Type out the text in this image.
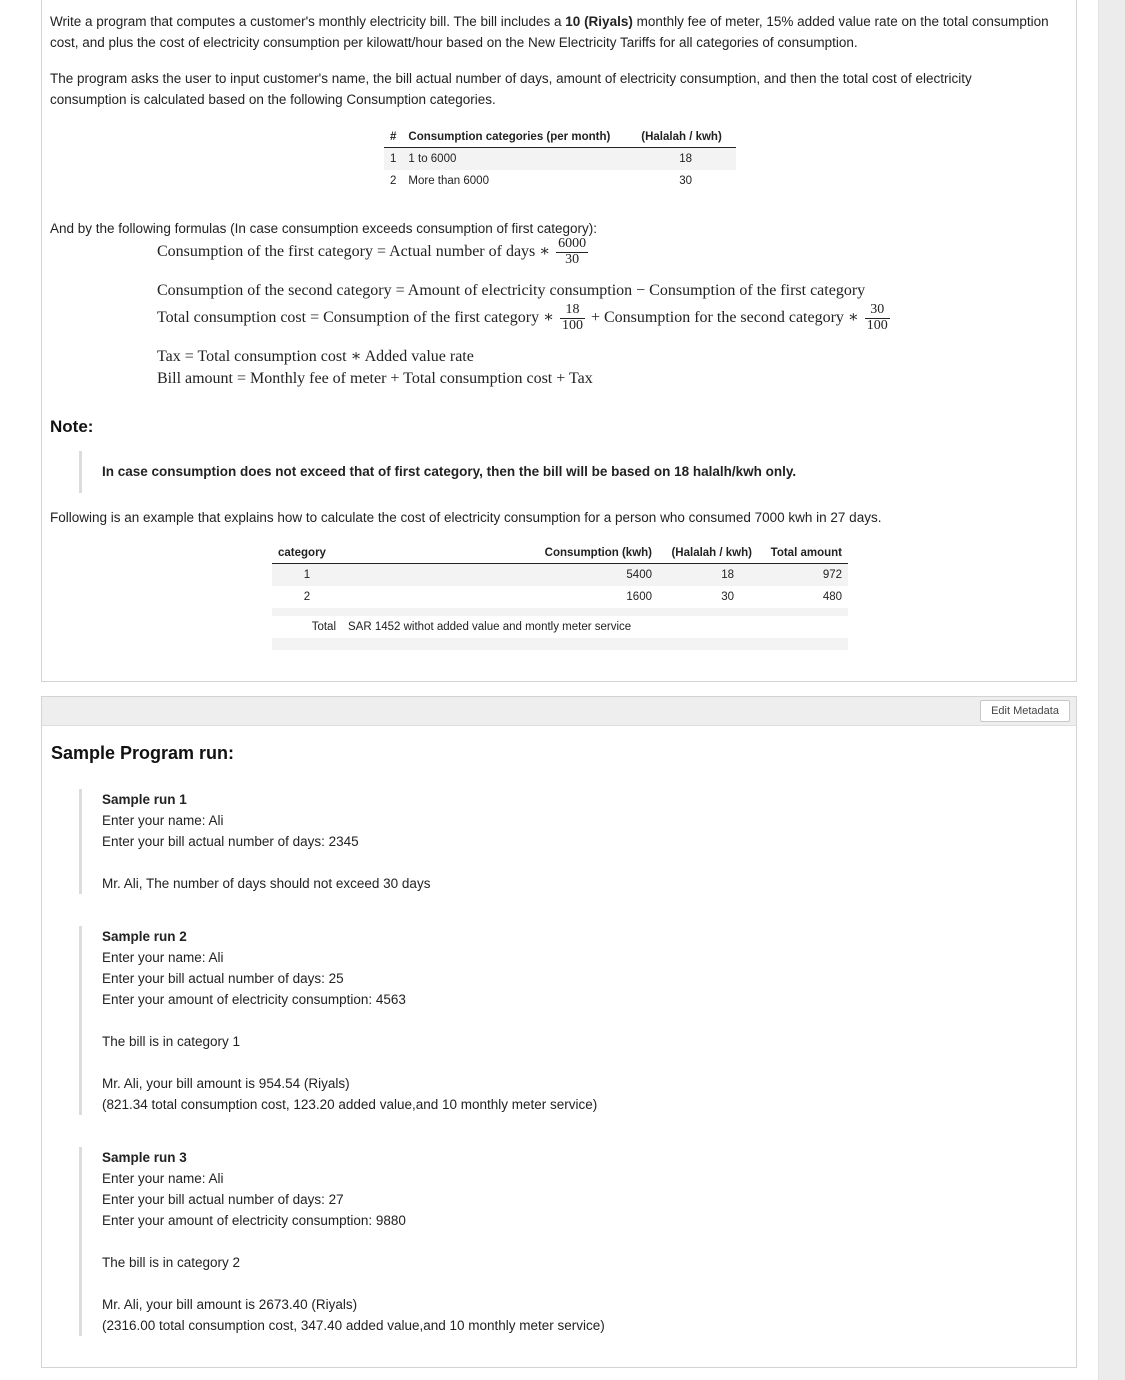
Write a program that computes a customer's monthly electricity bill. The bill includes a 10 (Riyals) monthly fee of meter, 15% added value rate on the total consumption cost, and plus the cost of electricity consumption per kilowatt/hour based on the New Electricity Tariffs for all categories of consumption.

The program asks the user to input customer's name, the bill actual number of days, amount of electricity consumption, and then the total cost of electricity consumption is calculated based on the following Consumption categories.

#	Consumption categories (per month)	(Halalah / kwh)
1	1 to 6000	18
2	More than 6000	30

And by the following formulas (In case consumption exceeds consumption of first category):

Consumption of the first category = Actual number of days ∗ $\frac{6000}{30}$
Consumption of the second category = Amount of electricity consumption − Consumption of the first category
Total consumption cost = Consumption of the first category ∗ $\frac{18}{100}$ + Consumption for the second category ∗ $\frac{30}{100}$
Tax = Total consumption cost ∗ Added value rate
Bill amount = Monthly fee of meter + Total consumption cost + Tax
Note:

In case consumption does not exceed that of first category, then the bill will be based on 18 halalh/kwh only.

Following is an example that explains how to calculate the cost of electricity consumption for a person who consumed 7000 kwh in 27 days.

category	Consumption (kwh)	(Halalah / kwh)	Total amount
1	5400	18	972
2	1600	30	480

Total	SAR 1452 withot added value and montly meter service		

Edit Metadata
Sample Program run:
Sample run 1
Enter your name: Ali
Enter your bill actual number of days: 2345
Mr. Ali, The number of days should not exceed 30 days
Sample run 2
Enter your name: Ali
Enter your bill actual number of days: 25
Enter your amount of electricity consumption: 4563
The bill is in category 1
Mr. Ali, your bill amount is 954.54 (Riyals)
(821.34 total consumption cost, 123.20 added value,and 10 monthly meter service)
Sample run 3
Enter your name: Ali
Enter your bill actual number of days: 27
Enter your amount of electricity consumption: 9880
The bill is in category 2
Mr. Ali, your bill amount is 2673.40 (Riyals)
(2316.00 total consumption cost, 347.40 added value,and 10 monthly meter service)
